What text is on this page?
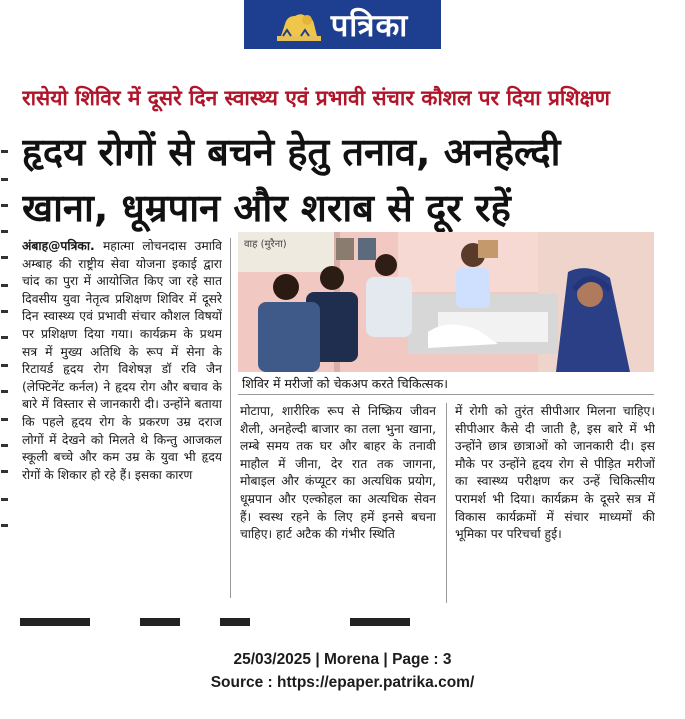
पत्रिका
रासेयो शिविर में दूसरे दिन स्वास्थ्य एवं प्रभावी संचार कौशल पर दिया प्रशिक्षण
हृदय रोगों से बचने हेतु तनाव, अनहेल्दी
खाना, धूम्रपान और शराब से दूर रहें
अंबाह@पत्रिका. महात्मा लोचनदास उमावि अम्बाह की राष्ट्रीय सेवा योजना इकाई द्वारा चांद का पुरा में आयोजित किए जा रहे सात दिवसीय युवा नेतृत्व प्रशिक्षण शिविर में दूसरे दिन स्वास्थ्य एवं प्रभावी संचार कौशल विषयों पर प्रशिक्षण दिया गया। कार्यक्रम के प्रथम सत्र में मुख्य अतिथि के रूप में सेना के रिटायर्ड हृदय रोग विशेषज्ञ डॉ रवि जैन (लेफ्टिनेंट कर्नल) ने हृदय रोग और बचाव के बारे में विस्तार से जानकारी दी। उन्होंने बताया कि पहले हृदय रोग के प्रकरण उम्र दराज लोगों में देखने को मिलते थे किन्तु आजकल स्कूली बच्चे और कम उम्र के युवा भी हृदय रोगों के शिकार हो रहे हैं। इसका कारण
वाह (मुरैना)
शिविर में मरीजों को चेकअप करते चिकित्सक।
मोटापा, शारीरिक रूप से निष्क्रिय जीवन शैली, अनहेल्दी बाजार का तला भुना खाना, लम्बे समय तक घर और बाहर के तनावी माहौल में जीना, देर रात तक जागना, मोबाइल और कंप्यूटर का अत्यधिक प्रयोग, धूम्रपान और एल्कोहल का अत्यधिक सेवन हैं। स्वस्थ रहने के लिए हमें इनसे बचना चाहिए। हार्ट अटैक की गंभीर स्थिति
में रोगी को तुरंत सीपीआर मिलना चाहिए। सीपीआर कैसे दी जाती है, इस बारे में भी उन्होंने छात्र छात्राओं को जानकारी दी। इस मौके पर उन्होंने हृदय रोग से पीड़ित मरीजों का स्वास्थ्य परीक्षण कर उन्हें चिकित्सीय परामर्श भी दिया। कार्यक्रम के दूसरे सत्र में विकास कार्यक्रमों में संचार माध्यमों की भूमिका पर परिचर्चा हुई।
25/03/2025 | Morena | Page : 3
Source : https://epaper.patrika.com/
